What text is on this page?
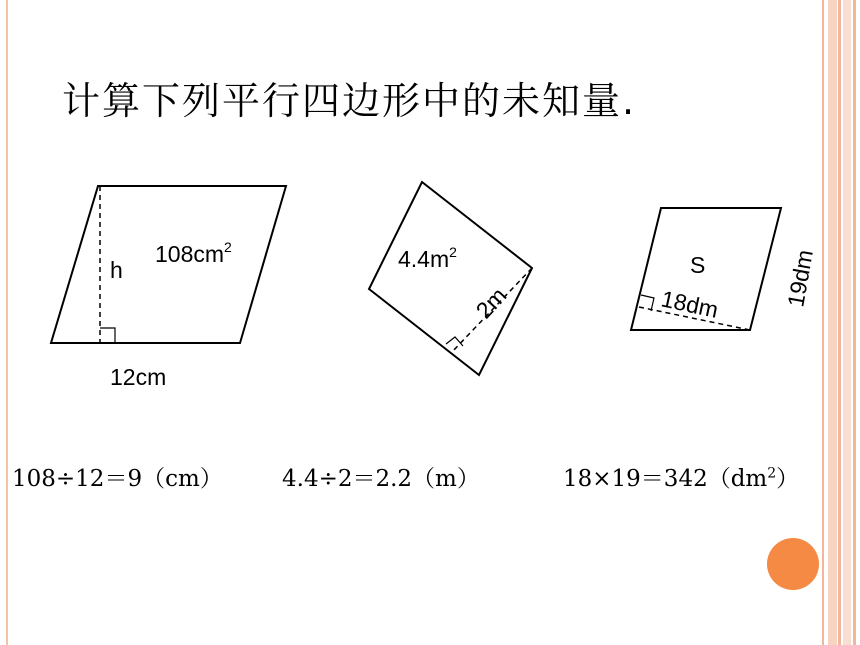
计算下列平行四边形中的未知量.
h
$108cm^2$
12cm
$4.4m^2$
2m
S
18dm	19dm
108÷12＝9（cm）	4.4÷2＝2.2（m）	$18\times 19=342(dm^2)$
